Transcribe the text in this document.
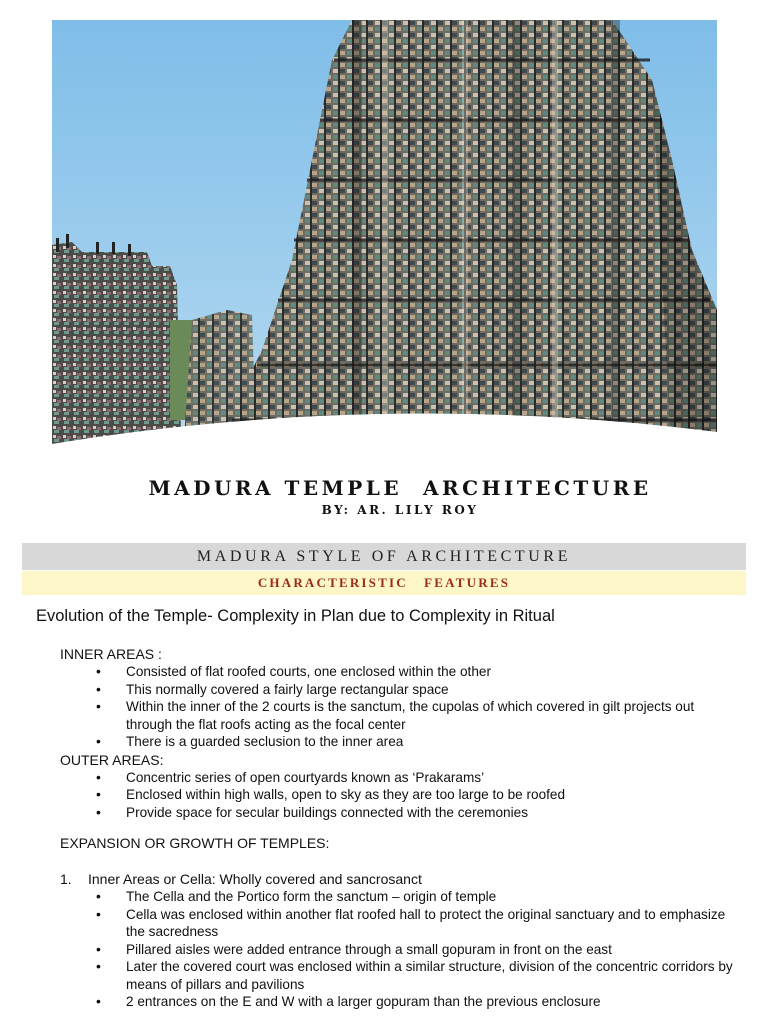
MADURA TEMPLE  ARCHITECTURE
BY: AR. LILY ROY
MADURA STYLE OF ARCHITECTURE
CHARACTERISTIC   FEATURES
Evolution of the Temple- Complexity in Plan due to Complexity in Ritual
INNER AREAS :
• Consisted of flat roofed courts, one enclosed within the other
• This normally covered a fairly large rectangular space
• Within the inner of the 2 courts is the sanctum, the cupolas of which covered in gilt projects out through the flat roofs acting as the focal center
• There is a guarded seclusion to the inner area
OUTER AREAS:
• Concentric series of open courtyards known as ‘Prakarams’
• Enclosed within high walls, open to sky as they are too large to be roofed
• Provide space for secular buildings connected with the ceremonies
EXPANSION OR GROWTH OF TEMPLES:
1. Inner Areas or Cella: Wholly covered and sancrosanct
• The Cella and the Portico form the sanctum – origin of temple
• Cella was enclosed within another flat roofed hall to protect the original sanctuary and to emphasize the sacredness
• Pillared aisles were added entrance through a small gopuram in front on the east
• Later the covered court was enclosed within a similar structure, division of the concentric corridors by means of pillars and pavilions
• 2 entrances on the E and W with a larger gopuram than the previous enclosure
